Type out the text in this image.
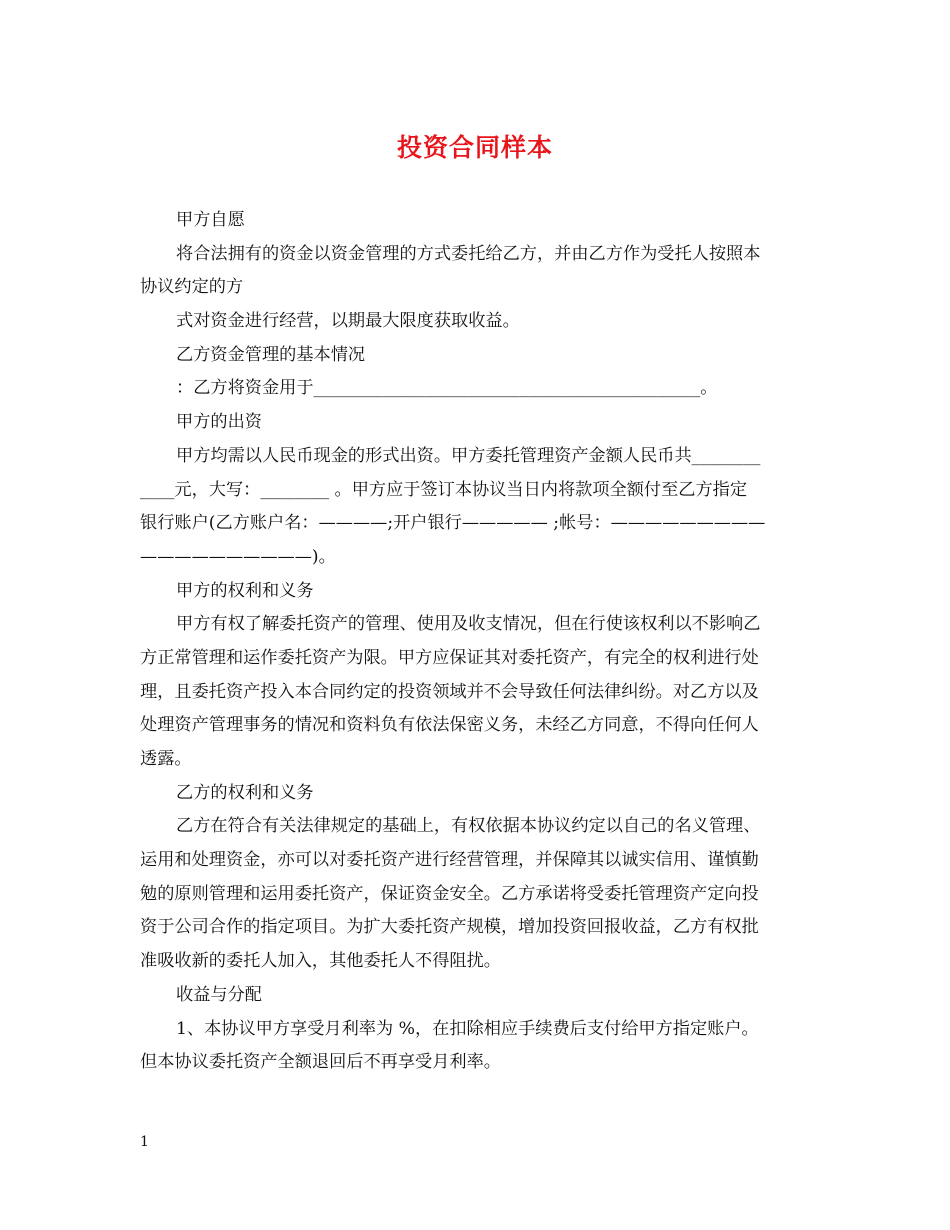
投资合同样本
甲方自愿
将合法拥有的资金以资金管理的方式委托给乙方，并由乙方作为受托人按照本
协议约定的方
式对资金进行经营，以期最大限度获取收益。
乙方资金管理的基本情况
：乙方将资金用于_____________________________________________。
甲方的出资
甲方均需以人民币现金的形式出资。甲方委托管理资产金额人民币共________
____元，大写：________ 。甲方应于签订本协议当日内将款项全额付至乙方指定
银行账户(乙方账户名：————;开户银行————— ;帐号：—————————
——————————)。
甲方的权利和义务
甲方有权了解委托资产的管理、使用及收支情况，但在行使该权利以不影响乙
方正常管理和运作委托资产为限。甲方应保证其对委托资产，有完全的权利进行处
理，且委托资产投入本合同约定的投资领域并不会导致任何法律纠纷。对乙方以及
处理资产管理事务的情况和资料负有依法保密义务，未经乙方同意，不得向任何人
透露。
乙方的权利和义务
乙方在符合有关法律规定的基础上，有权依据本协议约定以自己的名义管理、
运用和处理资金，亦可以对委托资产进行经营管理，并保障其以诚实信用、谨慎勤
勉的原则管理和运用委托资产，保证资金安全。乙方承诺将受委托管理资产定向投
资于公司合作的指定项目。为扩大委托资产规模，增加投资回报收益，乙方有权批
准吸收新的委托人加入，其他委托人不得阻扰。
收益与分配
1、本协议甲方享受月利率为 %，在扣除相应手续费后支付给甲方指定账户。
但本协议委托资产全额退回后不再享受月利率。
1
